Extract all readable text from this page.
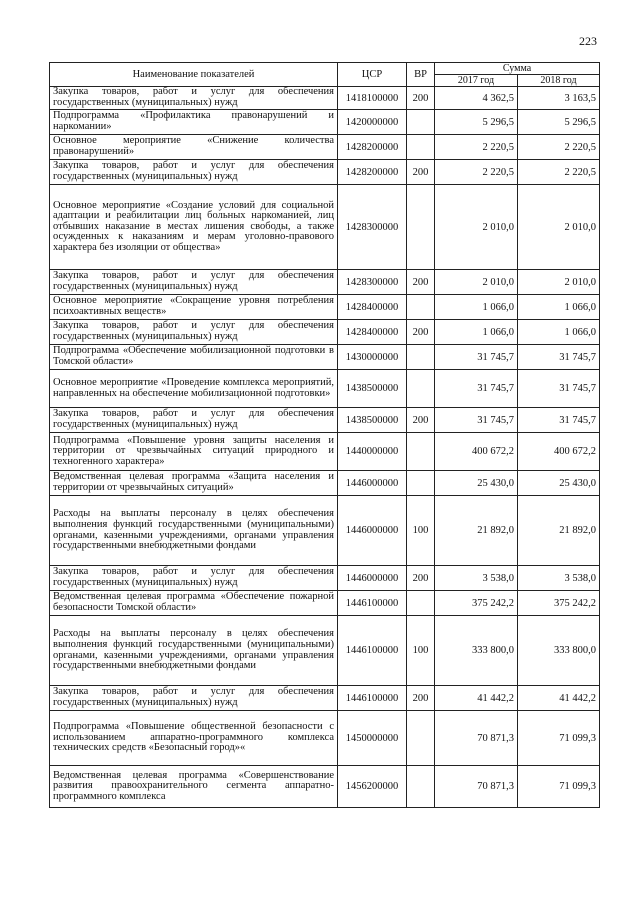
223
Наименование показателей	ЦСР	ВР	Сумма	
			2017 год	2018 год
Закупка товаров, работ и услуг для обеспечения государственных (муниципальных) нужд	1418100000	200	4 362,5	3 163,5
Подпрограмма «Профилактика правонарушений и наркомании»	1420000000		5 296,5	5 296,5
Основное мероприятие «Снижение количества правонарушений»	1428200000		2 220,5	2 220,5
Закупка товаров, работ и услуг для обеспечения государственных (муниципальных) нужд	1428200000	200	2 220,5	2 220,5
Основное мероприятие «Создание условий для социальной адаптации и реабилитации лиц больных наркоманией, лиц отбывших наказание в местах лишения свободы, а также осужденных к наказаниям и мерам уголовно-правового характера без изоляции от общества»	1428300000		2 010,0	2 010,0
Закупка товаров, работ и услуг для обеспечения государственных (муниципальных) нужд	1428300000	200	2 010,0	2 010,0
Основное мероприятие «Сокращение уровня потребления психоактивных веществ»	1428400000		1 066,0	1 066,0
Закупка товаров, работ и услуг для обеспечения государственных (муниципальных) нужд	1428400000	200	1 066,0	1 066,0
Подпрограмма «Обеспечение мобилизационной подготовки в Томской области»	1430000000		31 745,7	31 745,7
Основное мероприятие «Проведение комплекса мероприятий, направленных на обеспечение мобилизационной подготовки»	1438500000		31 745,7	31 745,7
Закупка товаров, работ и услуг для обеспечения государственных (муниципальных) нужд	1438500000	200	31 745,7	31 745,7
Подпрограмма «Повышение уровня защиты населения и территории от чрезвычайных ситуаций природного и техногенного характера»	1440000000		400 672,2	400 672,2
Ведомственная целевая программа «Защита населения и территории от чрезвычайных ситуаций»	1446000000		25 430,0	25 430,0
Расходы на выплаты персоналу в целях обеспечения выполнения функций государственными (муниципальными) органами, казенными учреждениями, органами управления государственными внебюджетными фондами	1446000000	100	21 892,0	21 892,0
Закупка товаров, работ и услуг для обеспечения государственных (муниципальных) нужд	1446000000	200	3 538,0	3 538,0
Ведомственная целевая программа «Обеспечение пожарной безопасности Томской области»	1446100000		375 242,2	375 242,2
Расходы на выплаты персоналу в целях обеспечения выполнения функций государственными (муниципальными) органами, казенными учреждениями, органами управления государственными внебюджетными фондами	1446100000	100	333 800,0	333 800,0
Закупка товаров, работ и услуг для обеспечения государственных (муниципальных) нужд	1446100000	200	41 442,2	41 442,2
Подпрограмма «Повышение общественной безопасности с использованием аппаратно-программного комплекса технических средств «Безопасный город»«	1450000000		70 871,3	71 099,3
Ведомственная целевая программа «Совершенствование развития правоохранительного сегмента аппаратно-программного комплекса	1456200000		70 871,3	71 099,3
